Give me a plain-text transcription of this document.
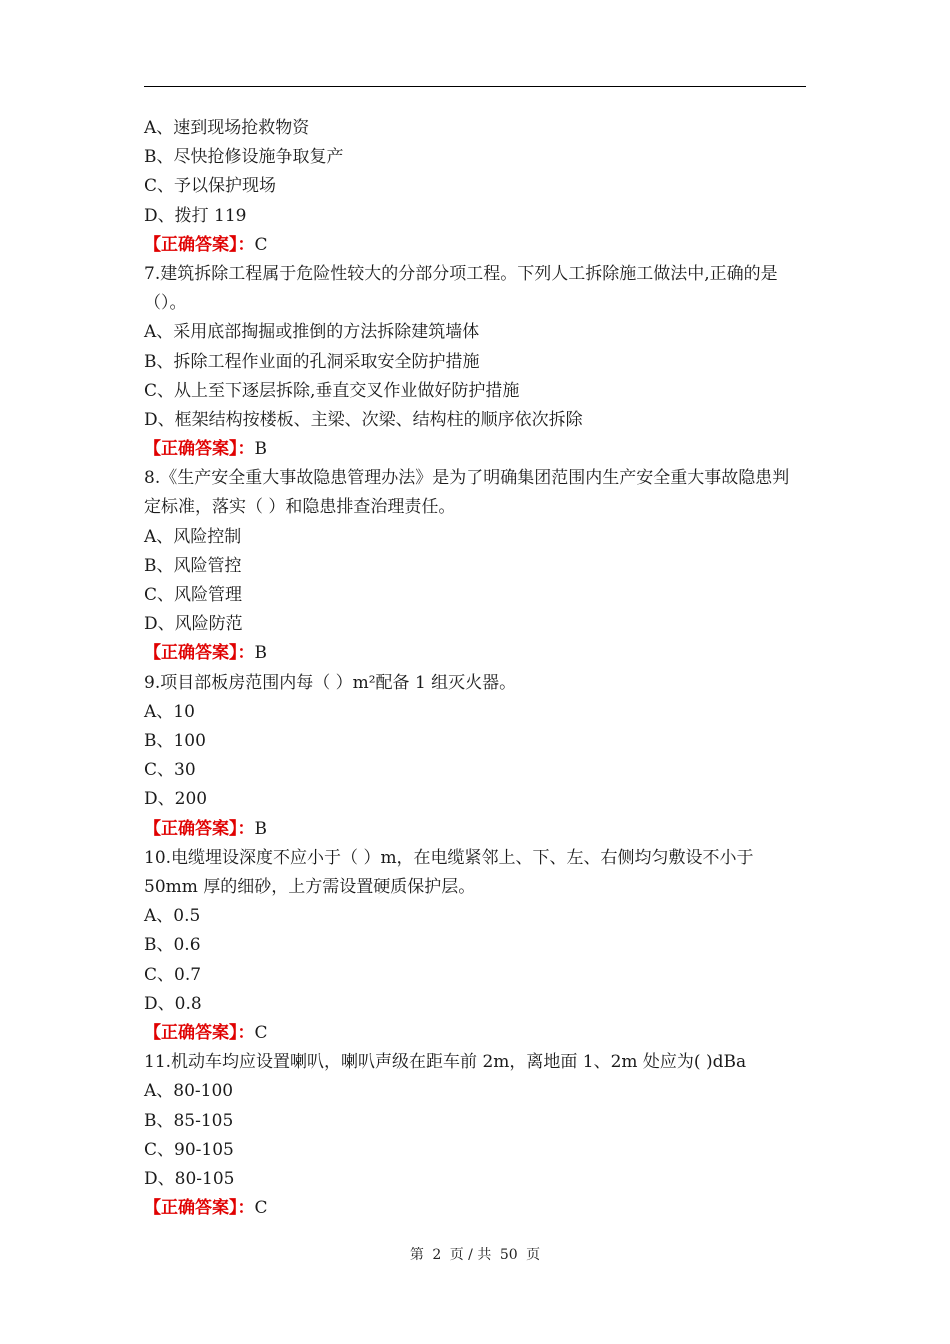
A、速到现场抢救物资
B、尽快抢修设施争取复产
C、予以保护现场
D、拨打 119
【正确答案】：C
7.建筑拆除工程属于危险性较大的分部分项工程。下列人工拆除施工做法中,正确的是（）。
A、采用底部掏掘或推倒的方法拆除建筑墙体
B、拆除工程作业面的孔洞采取安全防护措施
C、从上至下逐层拆除,垂直交叉作业做好防护措施
D、框架结构按楼板、主梁、次梁、结构柱的顺序依次拆除
【正确答案】：B
8.《生产安全重大事故隐患管理办法》是为了明确集团范围内生产安全重大事故隐患判定标准，落实（ ）和隐患排查治理责任。
A、风险控制
B、风险管控
C、风险管理
D、风险防范
【正确答案】：B
9.项目部板房范围内每（ ）m²配备 1 组灭火器。
A、10
B、100
C、30
D、200
【正确答案】：B
10.电缆埋设深度不应小于（ ）m，在电缆紧邻上、下、左、右侧均匀敷设不小于 50mm 厚的细砂，上方需设置硬质保护层。
A、0.5
B、0.6
C、0.7
D、0.8
【正确答案】：C
11.机动车均应设置喇叭，喇叭声级在距车前 2m，离地面 1、2m 处应为( )dBa
A、80-100
B、85-105
C、90-105
D、80-105
【正确答案】：C
第 2 页 / 共 50 页
